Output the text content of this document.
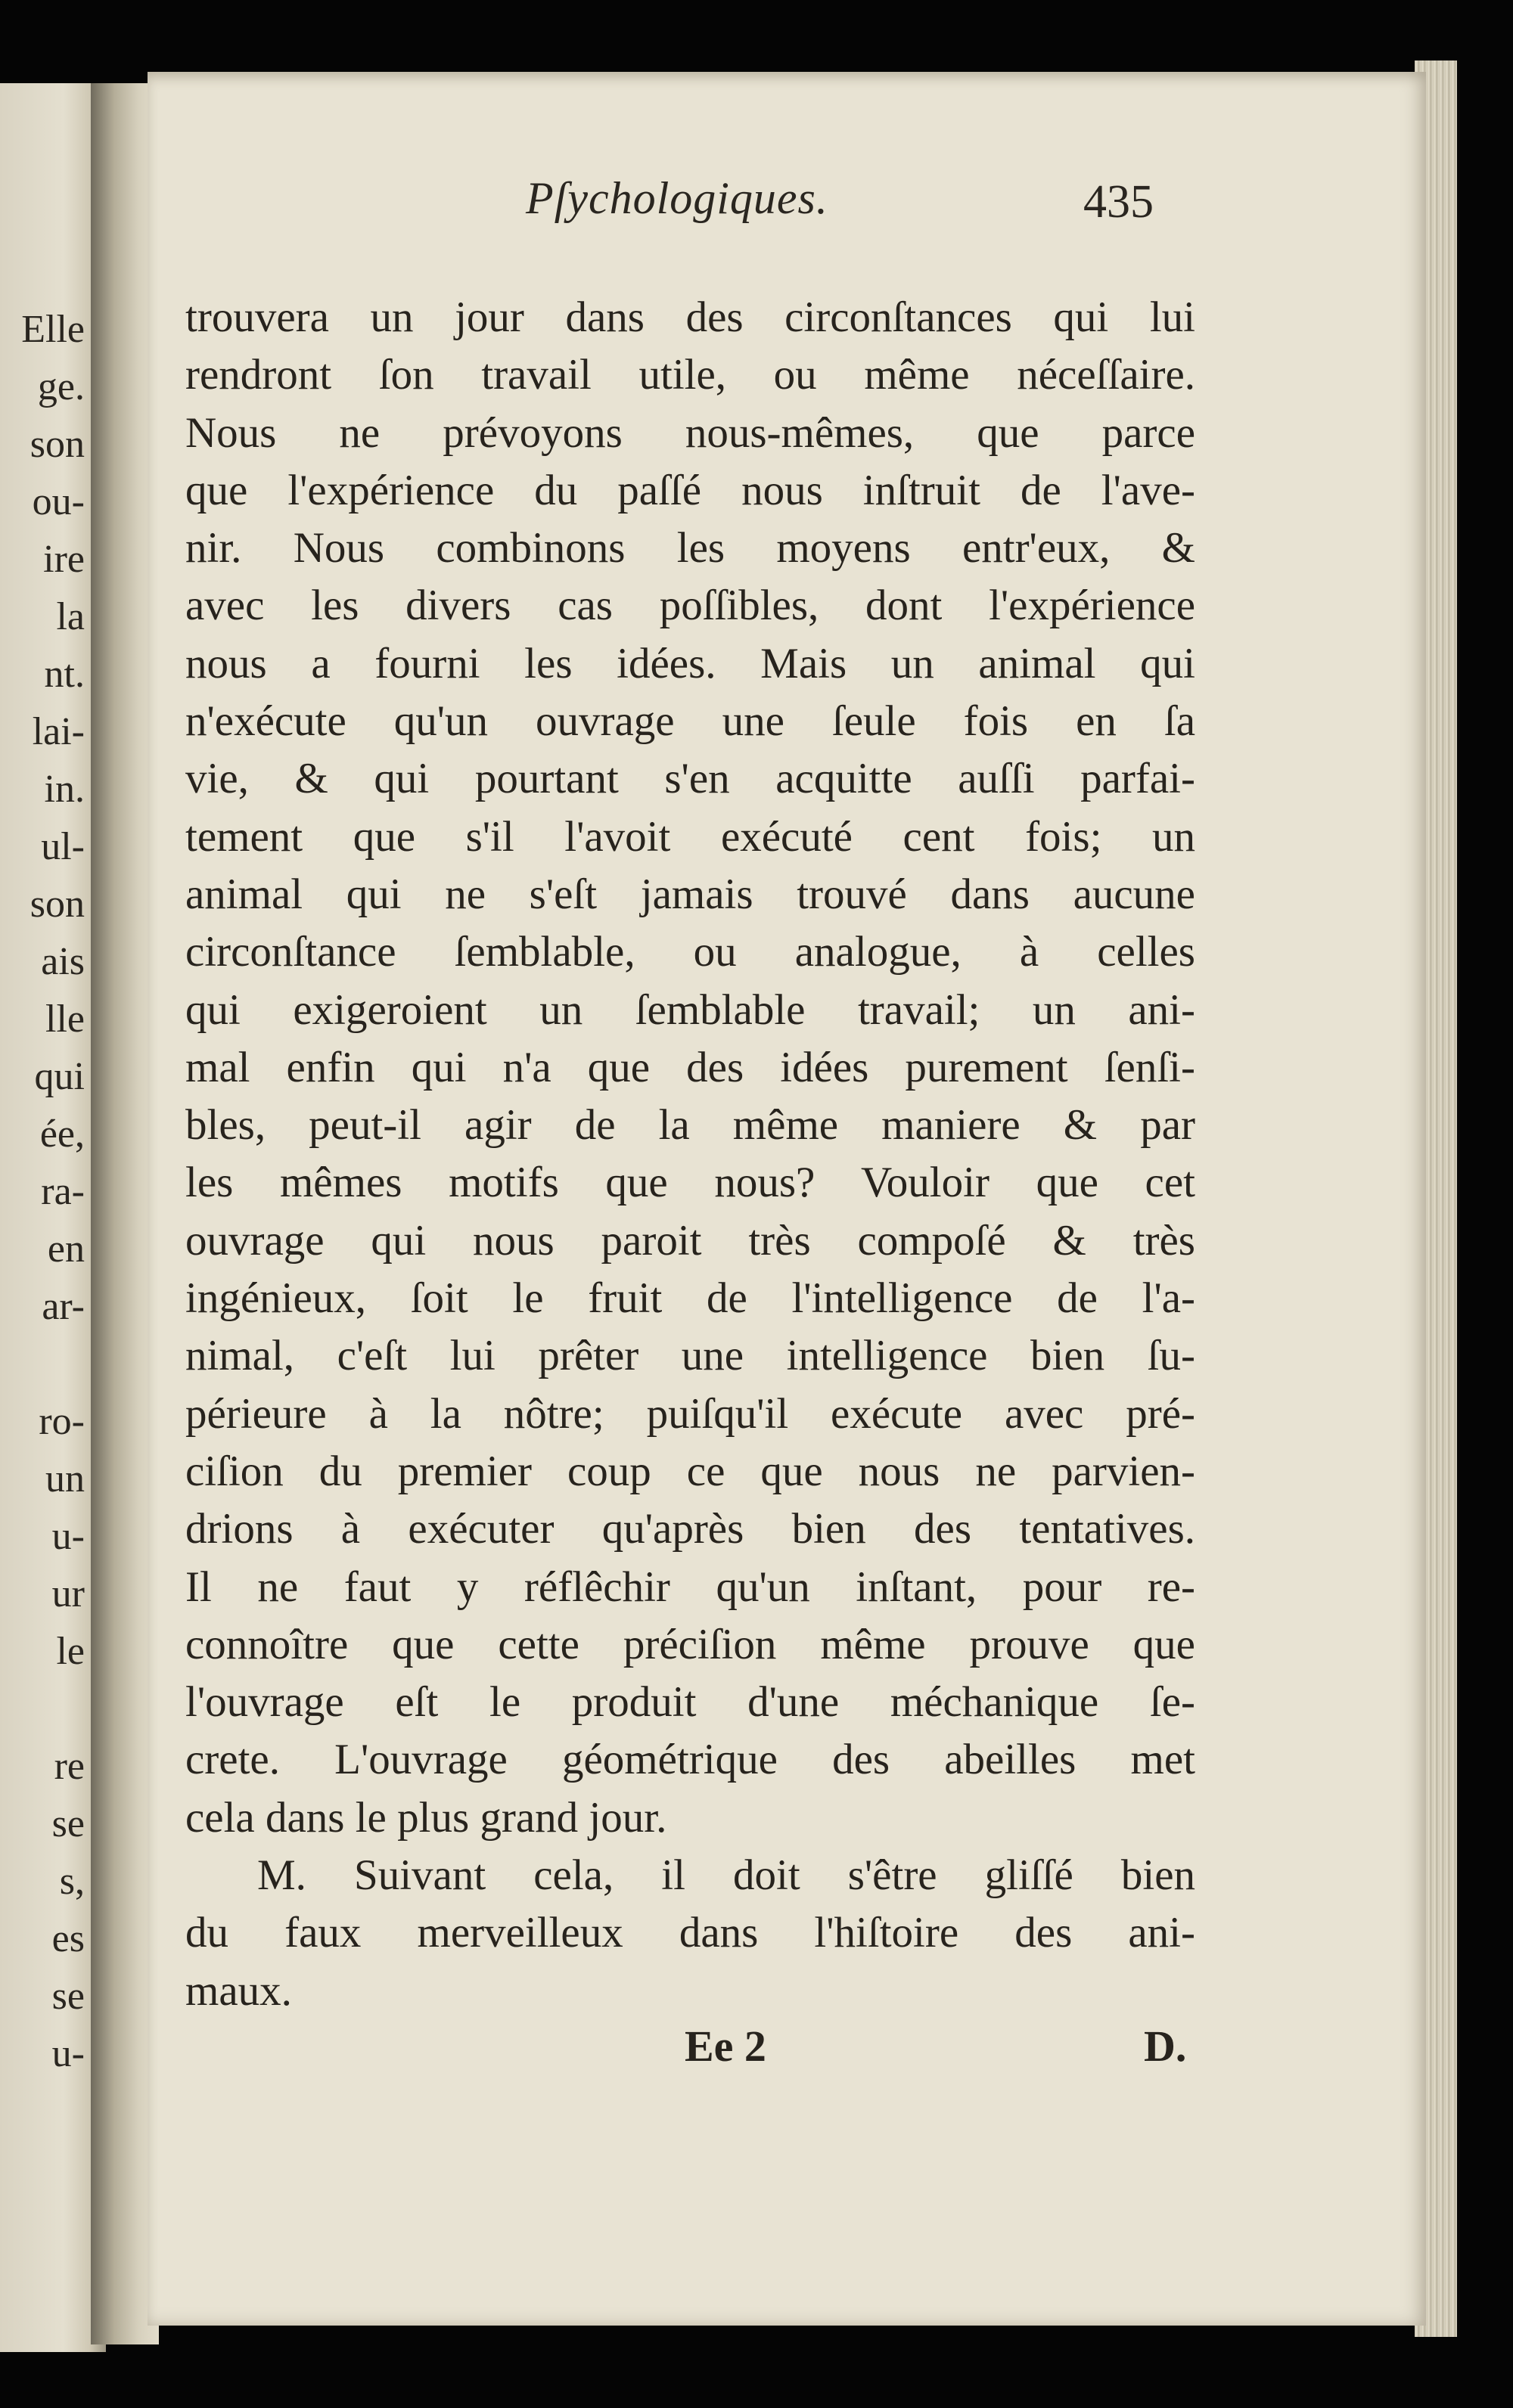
Elle
ge.
son
ou-
ire
la
nt.
lai-
in.
ul-
son
ais
lle
qui
ée,
ra-
en
ar-
ro-
un
u-
ur
le
re
se
s,
es
se
u-
Pſychologiques.	435
trouvera un jour dans des circonſtances qui lui
rendront ſon travail utile, ou même néceſſaire.
Nous ne prévoyons nous-mêmes, que parce
que l'expérience du paſſé nous inſtruit de l'ave-
nir. Nous combinons les moyens entr'eux, &
avec les divers cas poſſibles, dont l'expérience
nous a fourni les idées. Mais un animal qui
n'exécute qu'un ouvrage une ſeule fois en ſa
vie, & qui pourtant s'en acquitte auſſi parfai-
tement que s'il l'avoit exécuté cent fois; un
animal qui ne s'eſt jamais trouvé dans aucune
circonſtance ſemblable, ou analogue, à celles
qui exigeroient un ſemblable travail; un ani-
mal enfin qui n'a que des idées purement ſenſi-
bles, peut-il agir de la même maniere & par
les mêmes motifs que nous? Vouloir que cet
ouvrage qui nous paroit très compoſé & très
ingénieux, ſoit le fruit de l'intelligence de l'a-
nimal, c'eſt lui prêter une intelligence bien ſu-
périeure à la nôtre; puiſqu'il exécute avec pré-
ciſion du premier coup ce que nous ne parvien-
drions à exécuter qu'après bien des tentatives.
Il ne faut y réflêchir qu'un inſtant, pour re-
connoître que cette préciſion même prouve que
l'ouvrage eſt le produit d'une méchanique ſe-
crete. L'ouvrage géométrique des abeilles met
cela dans le plus grand jour.
M. Suivant cela, il doit s'être gliſſé bien
du faux merveilleux dans l'hiſtoire des ani-
maux.
Ee 2	D.
